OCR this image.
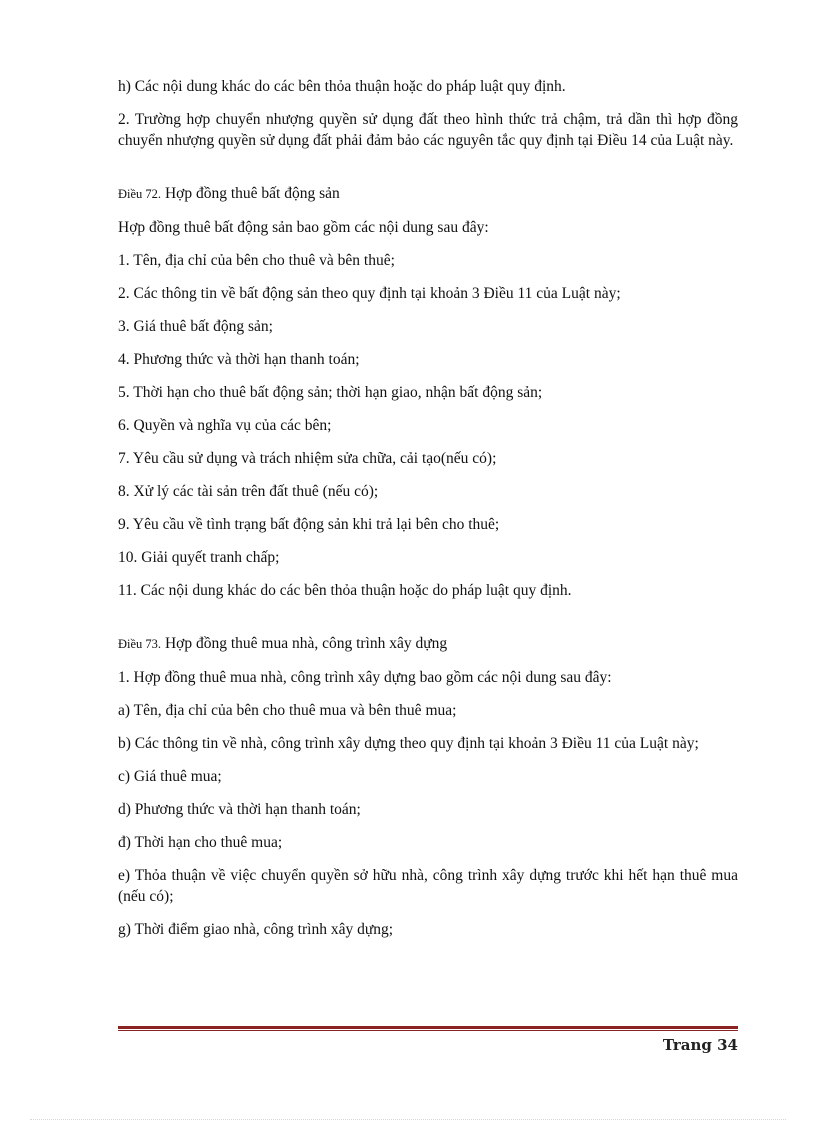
h) Các nội dung khác do các bên thỏa thuận hoặc do pháp luật quy định.

2. Trường hợp chuyển nhượng quyền sử dụng đất theo hình thức trả chậm, trả dần thì hợp đồng chuyển nhượng quyền sử dụng đất phải đảm bảo các nguyên tắc quy định tại Điều 14 của Luật này.

Điều 72. Hợp đồng thuê bất động sản

Hợp đồng thuê bất động sản bao gồm các nội dung sau đây:

1. Tên, địa chỉ của bên cho thuê và bên thuê;

2. Các thông tin về bất động sản theo quy định tại khoản 3 Điều 11 của Luật này;

3. Giá thuê bất động sản;

4. Phương thức và thời hạn thanh toán;

5. Thời hạn cho thuê bất động sản; thời hạn giao, nhận bất động sản;

6. Quyền và nghĩa vụ của các bên;

7. Yêu cầu sử dụng và trách nhiệm sửa chữa, cải tạo(nếu có);

8. Xử lý các tài sản trên đất thuê (nếu có);

9. Yêu cầu về tình trạng bất động sản khi trả lại bên cho thuê;

10. Giải quyết tranh chấp;

11. Các nội dung khác do các bên thỏa thuận hoặc do pháp luật quy định.

Điều 73. Hợp đồng thuê mua nhà, công trình xây dựng

1. Hợp đồng thuê mua nhà, công trình xây dựng bao gồm các nội dung sau đây:

a) Tên, địa chỉ của bên cho thuê mua và bên thuê mua;

b) Các thông tin về nhà, công trình xây dựng theo quy định tại khoản 3 Điều 11 của Luật này;

c) Giá thuê mua;

d) Phương thức và thời hạn thanh toán;

đ) Thời hạn cho thuê mua;

e) Thỏa thuận về việc chuyển quyền sở hữu nhà, công trình xây dựng trước khi hết hạn thuê mua (nếu có);

g) Thời điểm giao nhà, công trình xây dựng;

Trang 34
